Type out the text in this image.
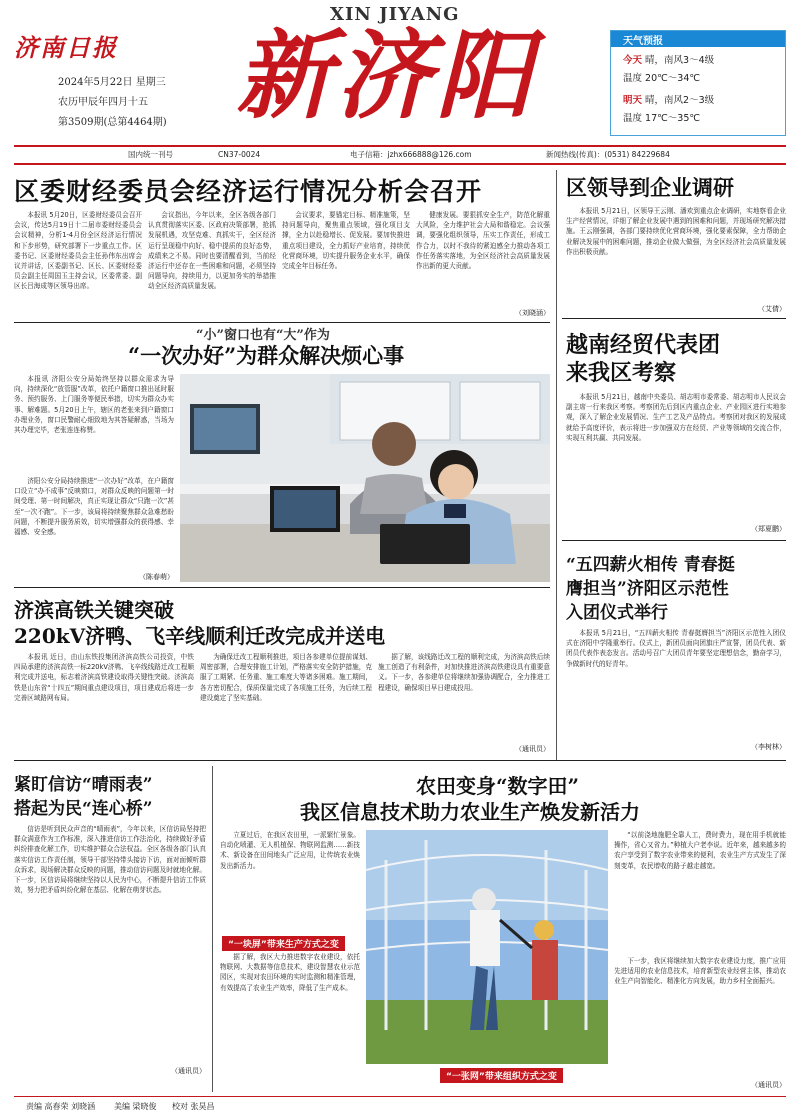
济南日报
2024年5月22日 星期三
农历甲辰年四月十五
第3509期(总第4464期)
XIN JIYANG
新济阳	天气预报
今天 晴，南风3～4级
温度 20℃～34℃
明天 晴，南风2～3级
温度 17℃～35℃
国内统一刊号	CN37-0024	电子信箱：jzhx666888@126.com	新闻热线(传真)：(0531) 84229684
区委财经委员会经济运行情况分析会召开

本报讯 5月20日，区委财经委员会召开会议，传达5月19日十二届市委财经委员会会议精神，分析1-4月份全区经济运行情况和下步形势，研究部署下一步重点工作。区委书记、区委财经委员会主任孙伟东出席会议并讲话，区委副书记、区长、区委财经委员会副主任周国玉主持会议，区委常委、副区长吕海成等区领导出席。

会议指出，今年以来，全区各级各部门认真贯彻落实区委、区政府决策部署，抢抓发展机遇，攻坚克难、真抓实干，全区经济运行呈现稳中向好、稳中提质的良好态势，成绩来之不易。同时也要清醒看到，当前经济运行中还存在一些困难和问题，必须坚持问题导向，持续用力，以更加务实的举措推动全区经济高质量发展。

会议要求，要锚定目标、精准施策，坚持问题导向，聚焦重点领域，强化项目支撑，全力以赴稳增长、促发展。要加快推进重点项目建设，全力抓好产业培育，持续优化营商环境，切实提升服务企业水平，确保完成全年目标任务。

健康发展。要狠抓安全生产，防范化解重大风险，全力维护社会大局和谐稳定。会议强调，要强化组织领导，压实工作责任，形成工作合力，以时不我待的紧迫感全力推动各项工作任务落实落地，为全区经济社会高质量发展作出新的更大贡献。

（刘晓涵）
“小”窗口也有“大”作为
“一次办好”为群众解决烦心事

本报讯 济阳公安分局始终坚持以群众需求为导向，持续深化“放管服”改革，依托户籍窗口推出延时服务、预约服务、上门服务等便民举措，切实为群众办实事、解难题。5月20日上午，辖区的老张来到户籍窗口办理业务，窗口民警耐心细致地为其答疑解惑，当场为其办理完毕，老张连连称赞。

济阳公安分局持续推进“一次办好”改革，在户籍窗口设立“办不成事”反映窗口，对群众反映的问题第一时间受理、第一时间解决，真正实现让群众“只跑一次”甚至“一次不跑”。下一步，该局将持续聚焦群众急难愁盼问题，不断提升服务质效，切实增强群众的获得感、幸福感、安全感。

（陈春萌）
济滨高铁关键突破
220kV济鸭、飞辛线顺利迁改完成并送电

本报讯 近日，由山东铁投集团济滨高铁公司投资，中铁四局承建的济滨高铁一标220kV济鸭、飞辛线线路迁改工程顺利完成并送电，标志着济滨高铁建设取得关键性突破。济滨高铁是山东省“十四五”期间重点建设项目，项目建成后将进一步完善区域路网布局。

为确保迁改工程顺利推进，项目各参建单位提前谋划、周密部署，合理安排施工计划，严格落实安全防护措施，克服了工期紧、任务重、施工难度大等诸多困难。施工期间，各方密切配合，保质保量完成了各项施工任务，为后续工程建设奠定了坚实基础。

据了解，该线路迁改工程的顺利完成，为济滨高铁后续施工创造了有利条件，对加快推进济滨高铁建设具有重要意义。下一步，各参建单位将继续加强协调配合，全力推进工程建设，确保项目早日建成投用。

（通讯员）
区领导到企业调研

本报讯 5月21日，区领导王云刚、潘欢到重点企业调研，实地察看企业生产经营情况，详细了解企业发展中遇到的困难和问题，并现场研究解决措施。王云刚强调，各部门要持续优化营商环境，强化要素保障，全力帮助企业解决发展中的困难问题，推动企业做大做强，为全区经济社会高质量发展作出积极贡献。

（艾倩）
越南经贸代表团
来我区考察

本报讯 5月21日，越南中央委员、胡志明市委常委、胡志明市人民议会副主席一行来我区考察。考察团先后到区内重点企业、产业园区进行实地参观，深入了解企业发展情况、生产工艺及产品特点。考察团对我区的发展成就给予高度评价，表示将进一步加强双方在经贸、产业等领域的交流合作，实现互利共赢、共同发展。

（郑夏鹏）
“五四薪火相传 青春挺
膺担当”济阳区示范性
入团仪式举行

本报讯 5月21日，“五四薪火相传 青春挺膺担当”济阳区示范性入团仪式在济阳中学隆重举行。仪式上，新团员面向团旗庄严宣誓，团员代表、新团员代表作表态发言。活动号召广大团员青年要坚定理想信念，勤奋学习，争做新时代的好青年。

（李树林）
紧盯信访“晴雨表”
搭起为民“连心桥”

信访是听到民众声音的“晴雨表”，今年以来，区信访局坚持把群众满意作为工作标准，深入推进信访工作法治化，持续做好矛盾纠纷排查化解工作，切实维护群众合法权益。全区各级各部门认真落实信访工作责任制，领导干部坚持带头接访下访，面对面倾听群众诉求，现场解决群众反映的问题，推动信访问题及时就地化解。下一步，区信访局将继续坚持以人民为中心，不断提升信访工作质效，努力把矛盾纠纷化解在基层、化解在萌芽状态。

（通讯员）
农田变身“数字田”
我区信息技术助力农业生产焕发新活力

立夏过后，在我区农田里，一派繁忙景象。自动化喷灌、无人机植保、物联网监测……新技术、新设备在田间地头广泛应用，让传统农业焕发出新活力。

“一块屏”带来生产方式之变

据了解，我区大力推进数字农业建设，依托物联网、大数据等信息技术，建设智慧农业示范园区，实现对农田环境的实时监测和精准管理，有效提高了农业生产效率，降低了生产成本。

“一张网”带来组织方式之变

“以前浇地施肥全靠人工，费时费力，现在用手机就能操作，省心又省力。”种植大户老李说。近年来，越来越多的农户享受到了数字农业带来的便利，农业生产方式发生了深刻变革，农民增收的路子越走越宽。

下一步，我区将继续加大数字农业建设力度，推广应用先进适用的农业信息技术，培育新型农业经营主体，推动农业生产向智能化、精准化方向发展，助力乡村全面振兴。

（通讯员）
责编 高春荣 刘晓涵 美编 梁晓俊 校对 张昊昌
